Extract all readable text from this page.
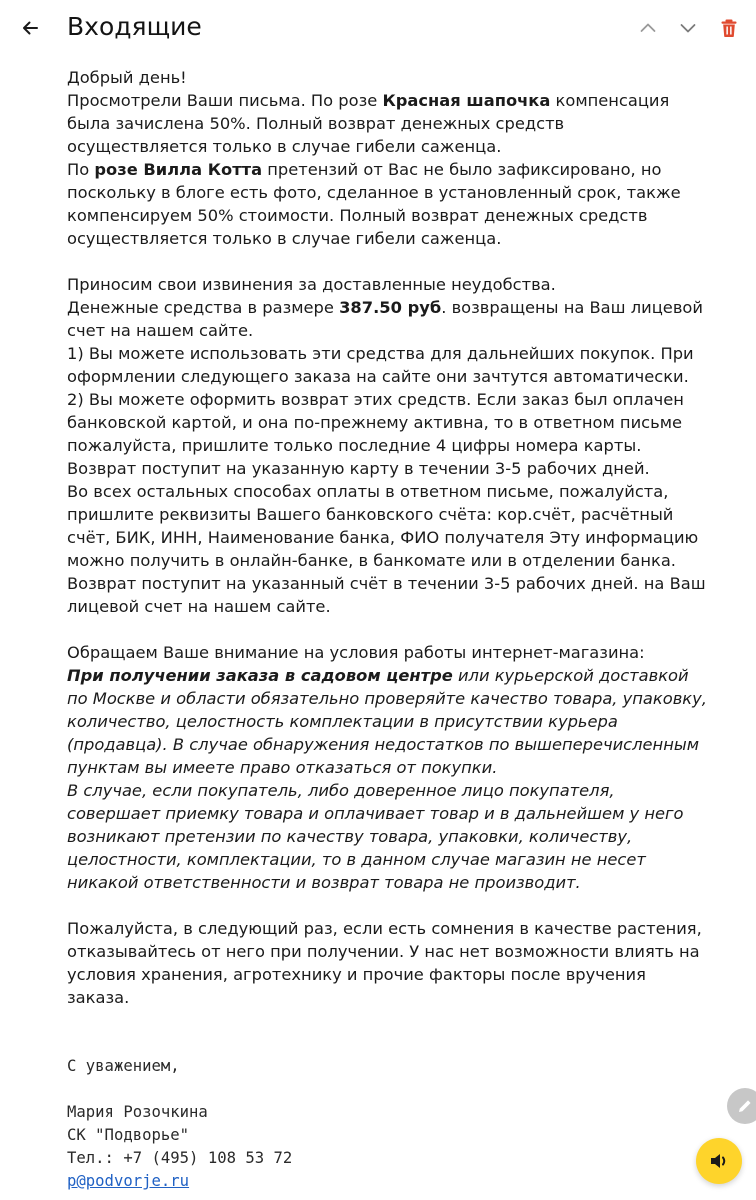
Входящие

Добрый день!

Просмотрели Ваши письма. По розе Красная шапочка компенсация была зачислена 50%. Полный возврат денежных средств осуществляется только в случае гибели саженца.

По розе Вилла Котта претензий от Вас не было зафиксировано, но поскольку в блоге есть фото, сделанное в установленный срок, также компенсируем 50% стоимости. Полный возврат денежных средств осуществляется только в случае гибели саженца.

Приносим свои извинения за доставленные неудобства.

Денежные средства в размере 387.50 руб. возвращены на Ваш лицевой счет на нашем сайте.

1) Вы можете использовать эти средства для дальнейших покупок. При оформлении следующего заказа на сайте они зачтутся автоматически.

2) Вы можете оформить возврат этих средств. Если заказ был оплачен банковской картой, и она по-прежнему активна, то в ответном письме пожалуйста, пришлите только последние 4 цифры номера карты. Возврат поступит на указанную карту в течении 3-5 рабочих дней.

Во всех остальных способах оплаты в ответном письме, пожалуйста, пришлите реквизиты Вашего банковского счёта: кор.счёт, расчётный счёт, БИК, ИНН, Наименование банка, ФИО получателя Эту информацию можно получить в онлайн-банке, в банкомате или в отделении банка. Возврат поступит на указанный счёт в течении 3-5 рабочих дней. на Ваш лицевой счет на нашем сайте.

Обращаем Ваше внимание на условия работы интернет-магазина:

При получении заказа в садовом центре или курьерской доставкой по Москве и области обязательно проверяйте качество товара, упаковку, количество, целостность комплектации в присутствии курьера (продавца). В случае обнаружения недостатков по вышеперечисленным пунктам вы имеете право отказаться от покупки.

В случае, если покупатель, либо доверенное лицо покупателя, совершает приемку товара и оплачивает товар и в дальнейшем у него возникают претензии по качеству товара, упаковки, количеству, целостности, комплектации, то в данном случае магазин не несет никакой ответственности и возврат товара не производит.

Пожалуйста, в следующий раз, если есть сомнения в качестве растения, отказывайтесь от него при получении. У нас нет возможности влиять на условия хранения, агротехнику и прочие факторы после вручения заказа.

С уважением,
Мария Розочкина
СК "Подворье"
Тел.: +7 (495) 108 53 72
p@podvorje.ru
